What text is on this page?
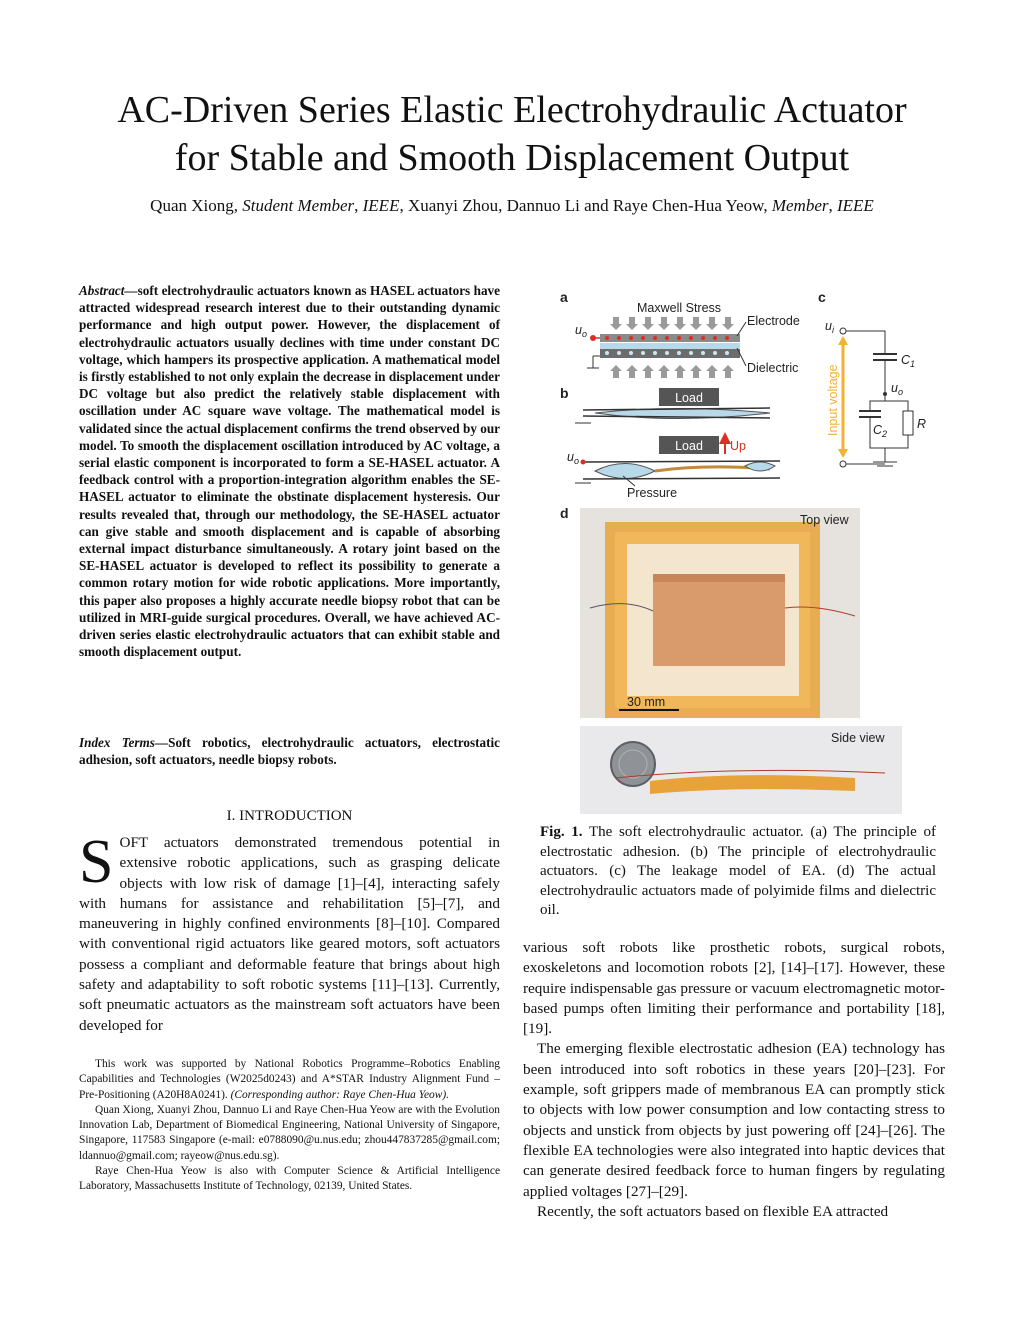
AC-Driven Series Elastic Electrohydraulic Actuator
for Stable and Smooth Displacement Output
Quan Xiong, Student Member, IEEE, Xuanyi Zhou, Dannuo Li and Raye Chen-Hua Yeow, Member, IEEE
Abstract—soft electrohydraulic actuators known as HASEL actuators have attracted widespread research interest due to their outstanding dynamic performance and high output power. However, the displacement of electrohydraulic actuators usually declines with time under constant DC voltage, which hampers its prospective application. A mathematical model is firstly established to not only explain the decrease in displacement under DC voltage but also predict the relatively stable displacement with oscillation under AC square wave voltage. The mathematical model is validated since the actual displacement confirms the trend observed by our model. To smooth the displacement oscillation introduced by AC voltage, a serial elastic component is incorporated to form a SE-HASEL actuator. A feedback control with a proportion-integration algorithm enables the SE-HASEL actuator to eliminate the obstinate displacement hysteresis. Our results revealed that, through our methodology, the SE-HASEL actuator can give stable and smooth displacement and is capable of absorbing external impact disturbance simultaneously. A rotary joint based on the SE-HASEL actuator is developed to reflect its possibility to generate a common rotary motion for wide robotic applications. More importantly, this paper also proposes a highly accurate needle biopsy robot that can be utilized in MRI-guide surgical procedures. Overall, we have achieved AC-driven series elastic electrohydraulic actuators that can exhibit stable and smooth displacement output.
Index Terms—Soft robotics, electrohydraulic actuators, electrostatic adhesion, soft actuators, needle biopsy robots.
I. INTRODUCTION
SOFT actuators demonstrated tremendous potential in extensive robotic applications, such as grasping delicate objects with low risk of damage [1]–[4], interacting safely with humans for assistance and rehabilitation [5]–[7], and maneuvering in highly confined environments [8]–[10]. Compared with conventional rigid actuators like geared motors, soft actuators possess a compliant and deformable feature that brings about high safety and adaptability to soft robotic systems [11]–[13]. Currently, soft pneumatic actuators as the mainstream soft actuators have been developed for

This work was supported by National Robotics Programme–Robotics Enabling Capabilities and Technologies (W2025d0243) and A*STAR Industry Alignment Fund – Pre-Positioning (A20H8A0241). (Corresponding author: Raye Chen-Hua Yeow).

Quan Xiong, Xuanyi Zhou, Dannuo Li and Raye Chen-Hua Yeow are with the Evolution Innovation Lab, Department of Biomedical Engineering, National University of Singapore, Singapore, 117583 Singapore (e-mail: e0788090@u.nus.edu; zhou447837285@gmail.com; ldannuo@gmail.com; rayeow@nus.edu.sg).

Raye Chen-Hua Yeow is also with Computer Science & Artificial Intelligence Laboratory, Massachusetts Institute of Technology, 02139, United States.

a
Maxwell Stress
$u_o$
Electrode
Dielectric
b	Load
$u_o$
Load Up
Pressure
c
$u_i$
Input voltage
$C_1$
$u_o$
$C_2$
R
d	Top view
30 mm
Side view
Fig. 1. The soft electrohydraulic actuator. (a) The principle of electrostatic adhesion. (b) The principle of electrohydraulic actuators. (c) The leakage model of EA. (d) The actual electrohydraulic actuators made of polyimide films and dielectric oil.

various soft robots like prosthetic robots, surgical robots, exoskeletons and locomotion robots [2], [14]–[17]. However, these require indispensable gas pressure or vacuum electromagnetic motor-based pumps often limiting their performance and portability [18], [19].

The emerging flexible electrostatic adhesion (EA) technology has been introduced into soft robotics in these years [20]–[23]. For example, soft grippers made of membranous EA can promptly stick to objects with low power consumption and low contacting stress to objects and unstick from objects by just powering off [24]–[26]. The flexible EA technologies were also integrated into haptic devices that can generate desired feedback force to human fingers by regulating applied voltages [27]–[29].

Recently, the soft actuators based on flexible EA attracted
